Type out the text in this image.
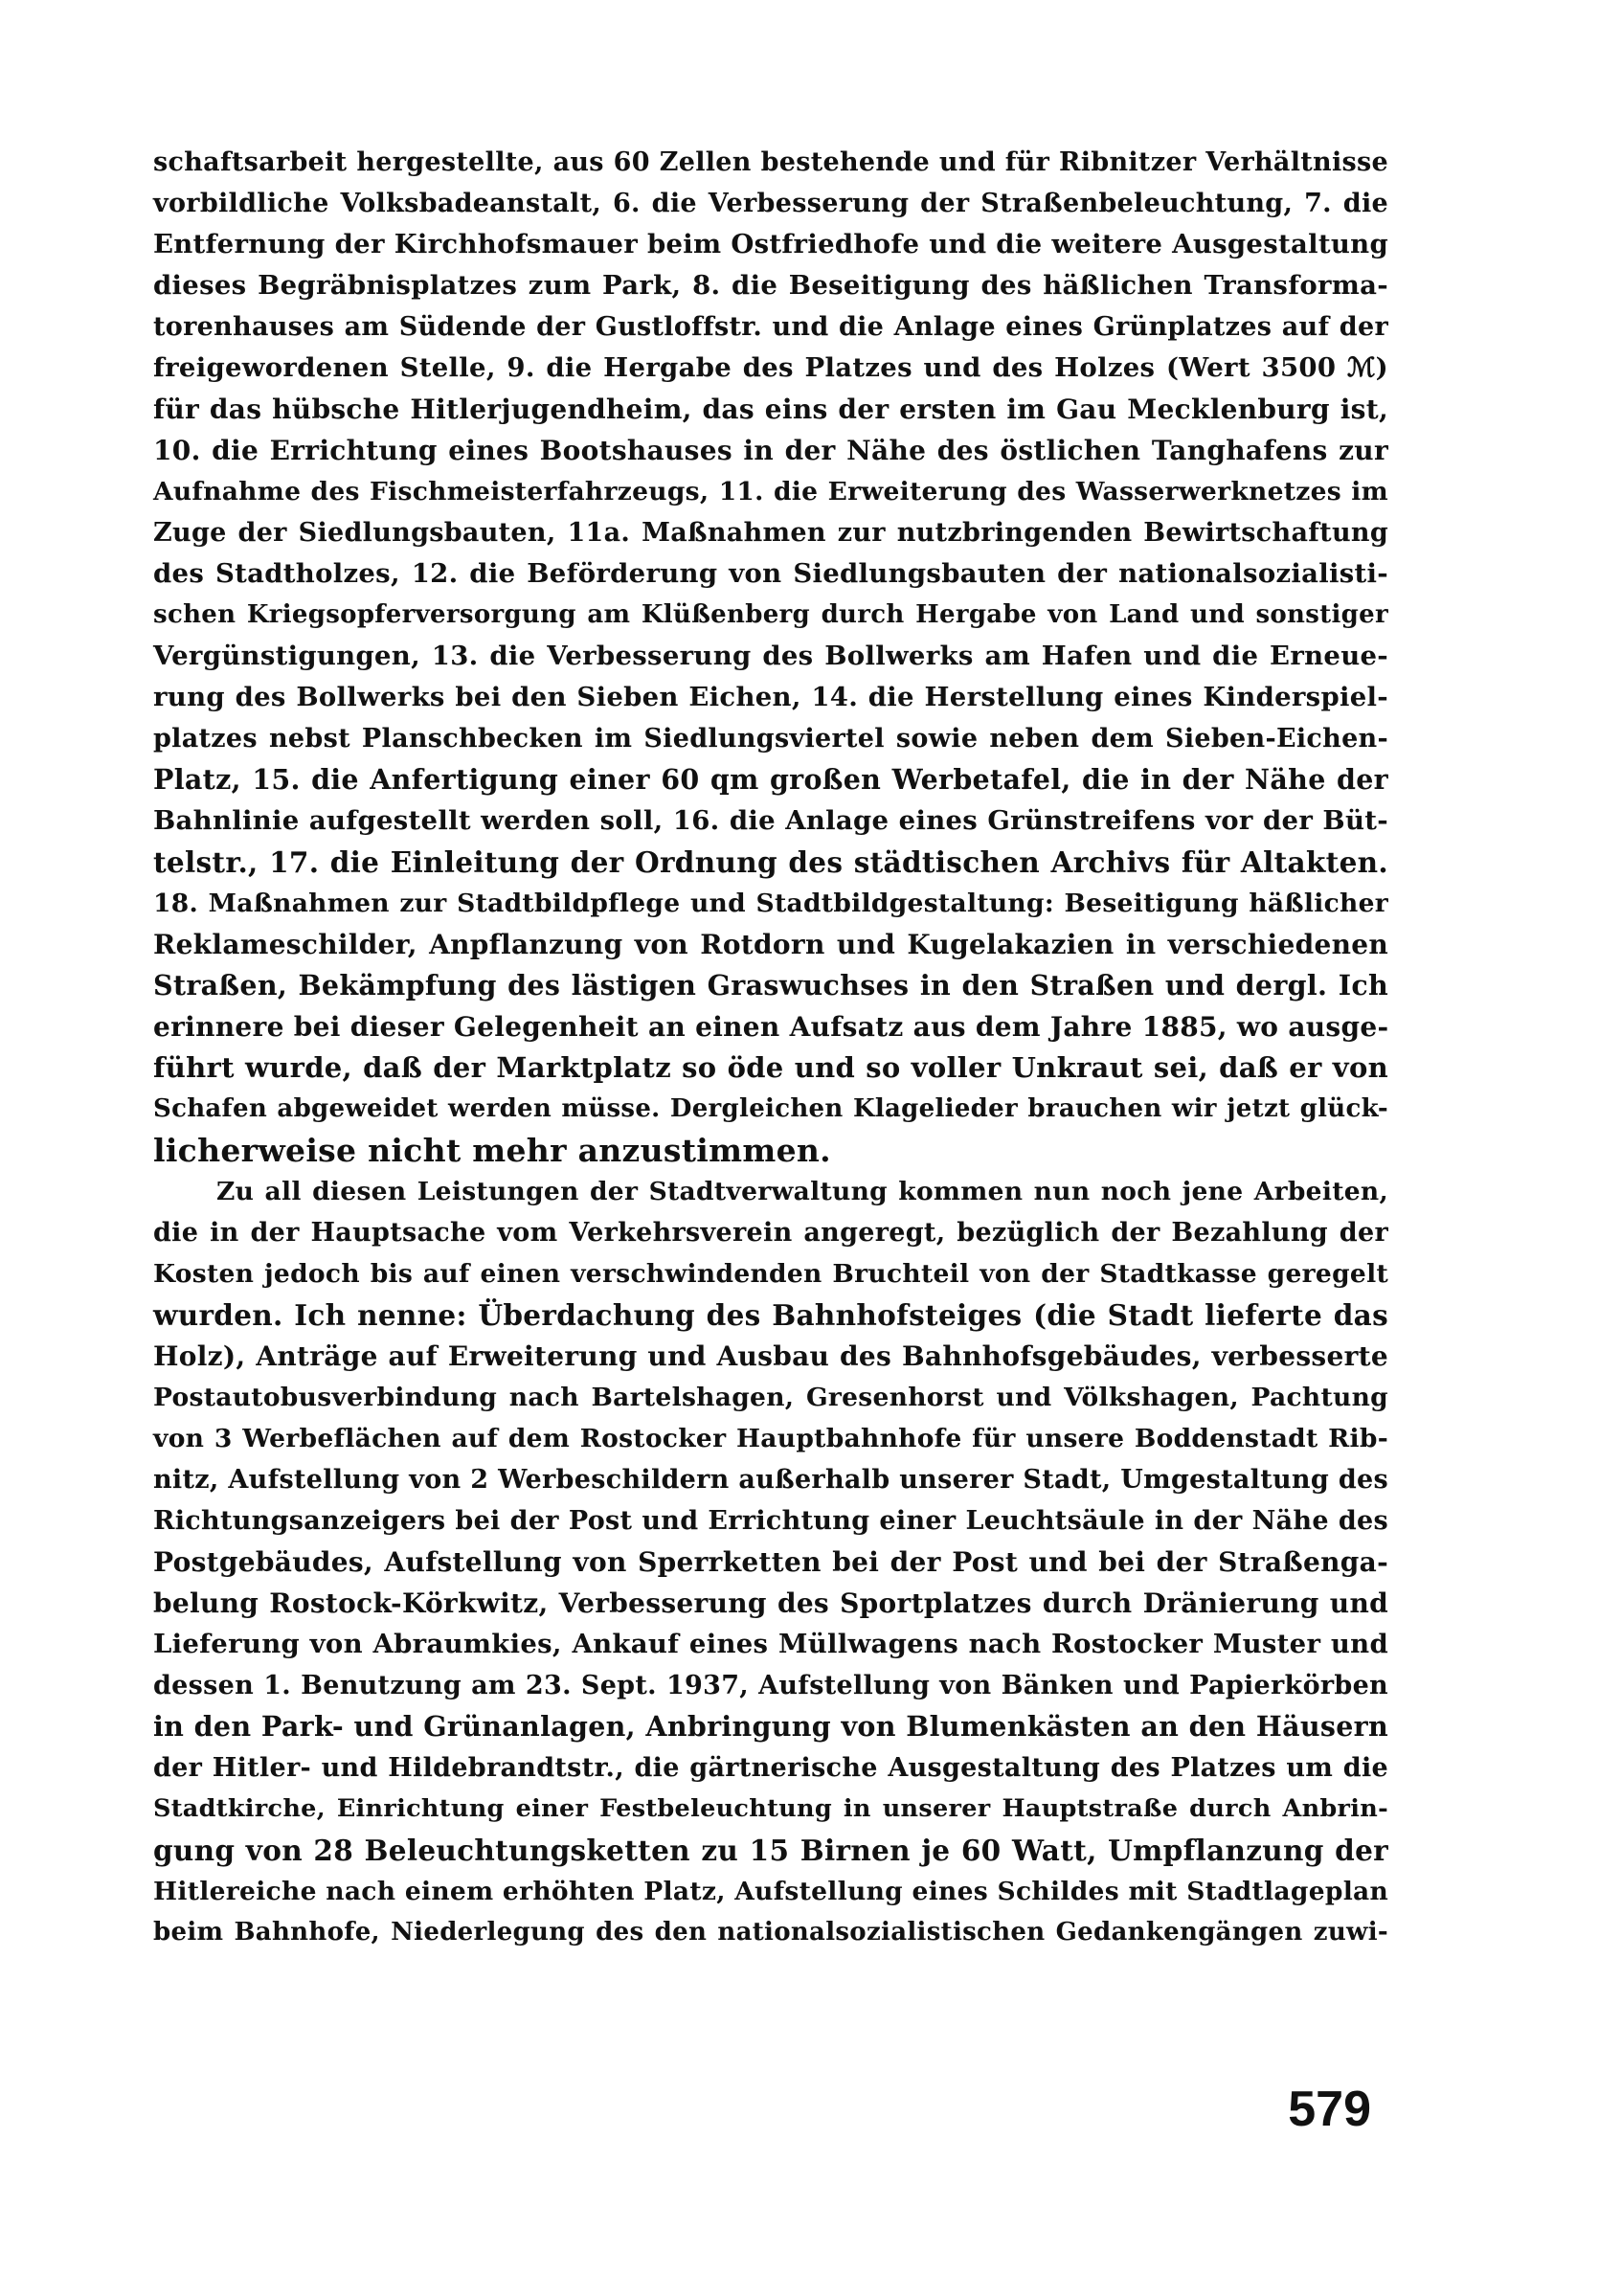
schaftsarbeit hergestellte, aus 60 Zellen bestehende und für Ribnitzer Verhältnisse
vorbildliche Volksbadeanstalt, 6. die Verbesserung der Straßenbeleuchtung, 7. die
Entfernung der Kirchhofsmauer beim Ostfriedhofe und die weitere Ausgestaltung
dieses Begräbnisplatzes zum Park, 8. die Beseitigung des häßlichen Transforma-
torenhauses am Südende der Gustloffstr. und die Anlage eines Grünplatzes auf der
freigewordenen Stelle, 9. die Hergabe des Platzes und des Holzes (Wert 3500 ℳ)
für das hübsche Hitlerjugendheim, das eins der ersten im Gau Mecklenburg ist,
10. die Errichtung eines Bootshauses in der Nähe des östlichen Tanghafens zur
Aufnahme des Fischmeisterfahrzeugs, 11. die Erweiterung des Wasserwerknetzes im
Zuge der Siedlungsbauten, 11a. Maßnahmen zur nutzbringenden Bewirtschaftung
des Stadtholzes, 12. die Beförderung von Siedlungsbauten der nationalsozialisti-
schen Kriegsopferversorgung am Klüßenberg durch Hergabe von Land und sonstiger
Vergünstigungen, 13. die Verbesserung des Bollwerks am Hafen und die Erneue-
rung des Bollwerks bei den Sieben Eichen, 14. die Herstellung eines Kinderspiel-
platzes nebst Planschbecken im Siedlungsviertel sowie neben dem Sieben-Eichen-
Platz, 15. die Anfertigung einer 60 qm großen Werbetafel, die in der Nähe der
Bahnlinie aufgestellt werden soll, 16. die Anlage eines Grünstreifens vor der Büt-
telstr., 17. die Einleitung der Ordnung des städtischen Archivs für Altakten.
18. Maßnahmen zur Stadtbildpflege und Stadtbildgestaltung: Beseitigung häßlicher
Reklameschilder, Anpflanzung von Rotdorn und Kugelakazien in verschiedenen
Straßen, Bekämpfung des lästigen Graswuchses in den Straßen und dergl. Ich
erinnere bei dieser Gelegenheit an einen Aufsatz aus dem Jahre 1885, wo ausge-
führt wurde, daß der Marktplatz so öde und so voller Unkraut sei, daß er von
Schafen abgeweidet werden müsse. Dergleichen Klagelieder brauchen wir jetzt glück-
licherweise nicht mehr anzustimmen.
Zu all diesen Leistungen der Stadtverwaltung kommen nun noch jene Arbeiten,
die in der Hauptsache vom Verkehrsverein angeregt, bezüglich der Bezahlung der
Kosten jedoch bis auf einen verschwindenden Bruchteil von der Stadtkasse geregelt
wurden. Ich nenne: Überdachung des Bahnhofsteiges (die Stadt lieferte das
Holz), Anträge auf Erweiterung und Ausbau des Bahnhofsgebäudes, verbesserte
Postautobusverbindung nach Bartelshagen, Gresenhorst und Völkshagen, Pachtung
von 3 Werbeflächen auf dem Rostocker Hauptbahnhofe für unsere Boddenstadt Rib-
nitz, Aufstellung von 2 Werbeschildern außerhalb unserer Stadt, Umgestaltung des
Richtungsanzeigers bei der Post und Errichtung einer Leuchtsäule in der Nähe des
Postgebäudes, Aufstellung von Sperrketten bei der Post und bei der Straßenga-
belung Rostock-Körkwitz, Verbesserung des Sportplatzes durch Dränierung und
Lieferung von Abraumkies, Ankauf eines Müllwagens nach Rostocker Muster und
dessen 1. Benutzung am 23. Sept. 1937, Aufstellung von Bänken und Papierkörben
in den Park- und Grünanlagen, Anbringung von Blumenkästen an den Häusern
der Hitler- und Hildebrandtstr., die gärtnerische Ausgestaltung des Platzes um die
Stadtkirche, Einrichtung einer Festbeleuchtung in unserer Hauptstraße durch Anbrin-
gung von 28 Beleuchtungsketten zu 15 Birnen je 60 Watt, Umpflanzung der
Hitlereiche nach einem erhöhten Platz, Aufstellung eines Schildes mit Stadtlageplan
beim Bahnhofe, Niederlegung des den nationalsozialistischen Gedankengängen zuwi-
579
